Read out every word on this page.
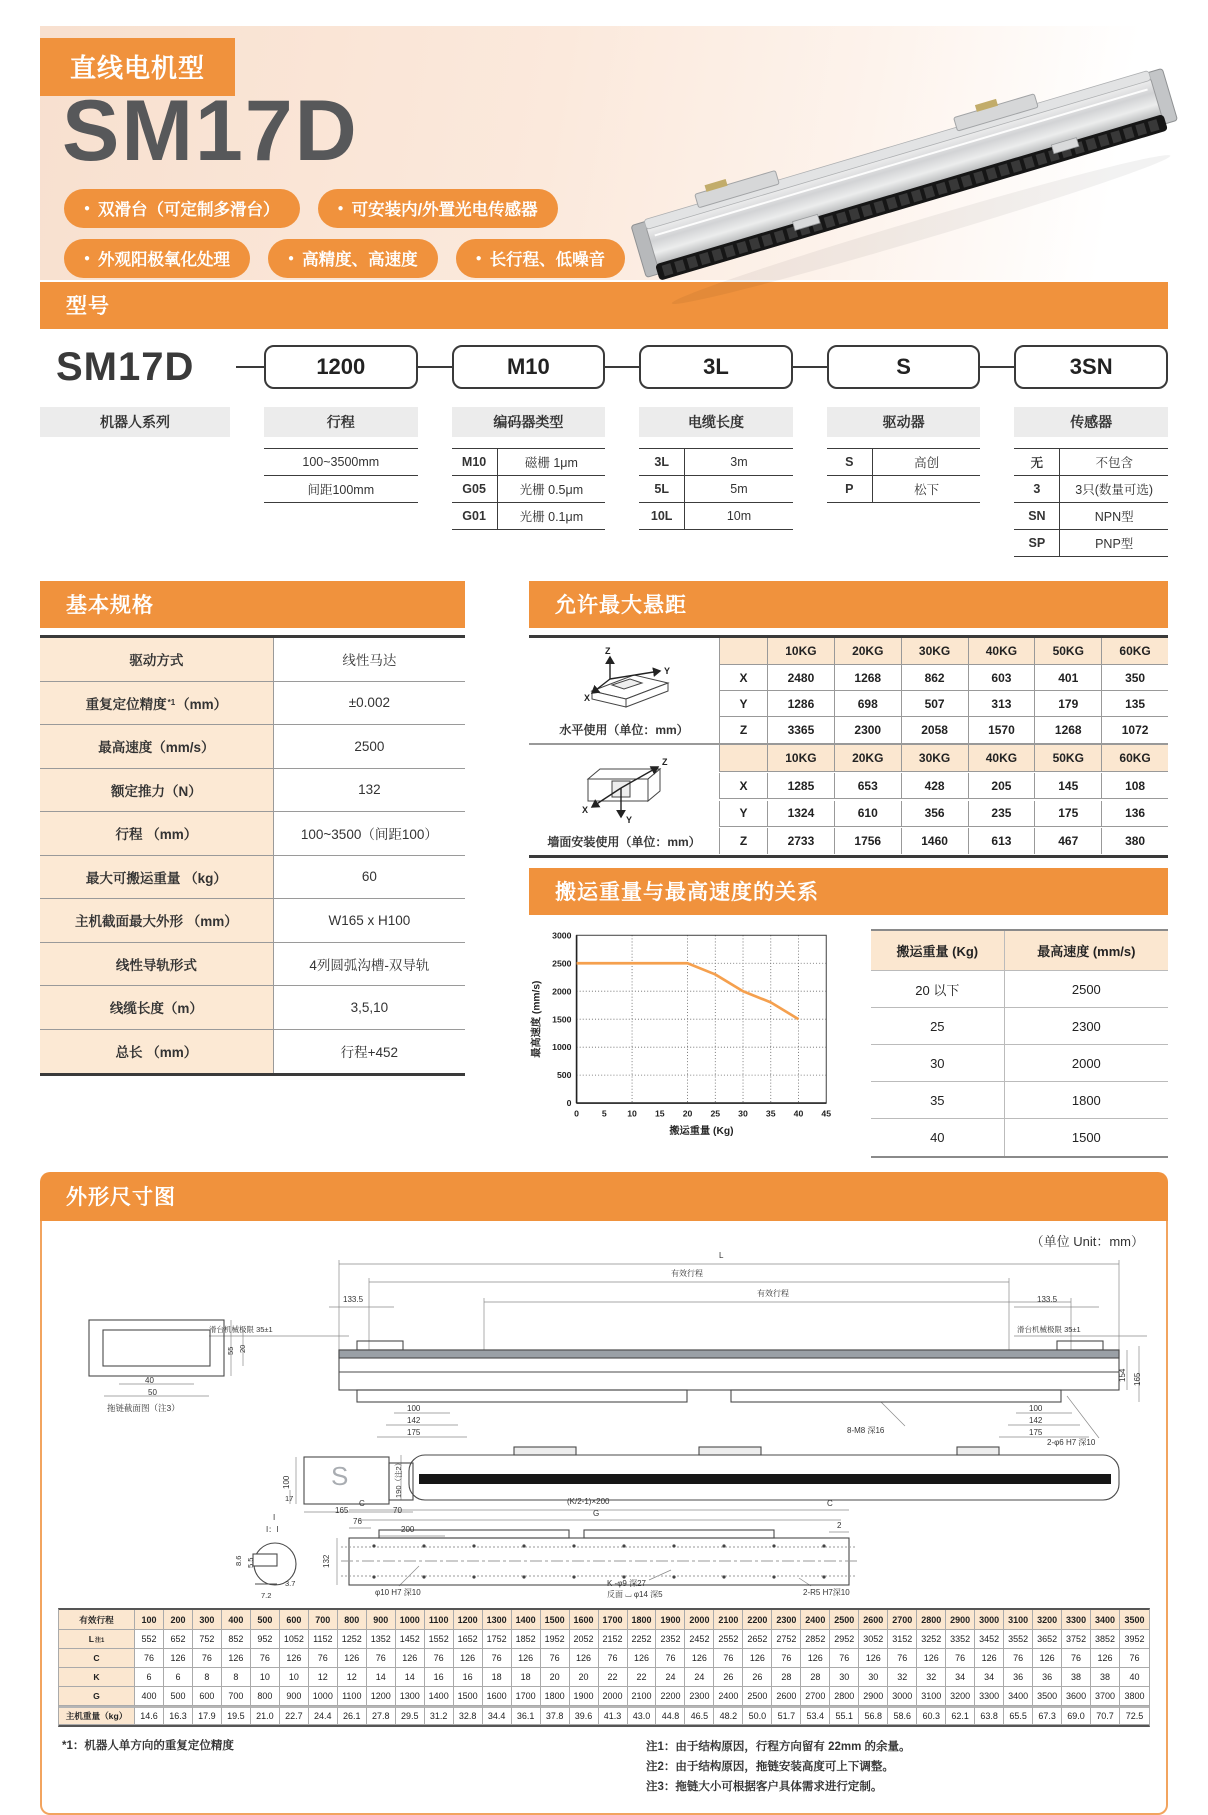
直线电机型
SM17D
● 双滑台（可定制多滑台）	● 可安装内/外置光电传感器
● 外观阳极氧化处理	● 高精度、高速度	● 长行程、低噪音
型号
SM17D	1200	M10	3L	S	3SN
机器人系列	行程
100~3500mm
间距100mm
编码器类型
M10	磁栅 1μm
G05	光栅 0.5μm
G01	光栅 0.1μm
电缆长度
3L	3m
5L	5m
10L	10m
驱动器
S	高创
P	松下
传感器
无	不包含
3	3只(数量可选)
SN	NPN型
SP	PNP型
基本规格
驱动方式	线性马达
重复定位精度 *1 （mm）	±0.002
最高速度（mm/s）	2500
额定推力（N）	132
行程 （mm）	100~3500（间距100）
最大可搬运重量 （kg）	60
主机截面最大外形 （mm）	W165 x H100
线性导轨形式	4列圆弧沟槽-双导轨
线缆长度（m）	3,5,10
总长 （mm）	行程+452
允许最大悬距
Z
Y
X
水平使用（单位：mm）
10KG	20KG	30KG	40KG	50KG	60KG
X	2480	1268	862	603	401	350
Y	1286	698	507	313	179	135
Z	3365	2300	2058	1570	1268	1072
Z
Y
X
墙面安装使用（单位：mm）
10KG	20KG	30KG	40KG	50KG	60KG
X	1285	653	428	205	145	108
Y	1324	610	356	235	175	136
Z	2733	1756	1460	613	467	380
搬运重量与最高速度的关系
0
500
1000
1500
2000
2500
3000
0	5 10 15 20 25 30 35 40 45
搬运重量 (Kg)
最高速度 (mm/s)
搬运重量 (Kg)	最高速度 (mm/s)
20 以下	2500
25	2300
30	2000
35	1800
40	1500
外形尺寸图
（单位 Unit：mm）
L
有效行程
有效行程
133.5	133.5
滑台机械极限 35±1	滑台机械极限 35±1
154 165
100
142
175
100
142
175
8-M8 深16
2-φ6 H7 深10
40
50
55 20
拖链截面图（注3）
S
100
17
165	70
190（注2）
C	(K/2-1)×200	C
G
76
200	2
132
φ10 H7 深10
K -φ9 深27
反面 ⌴ φ14 深5	2-R5 H7深10
I
I：I
8.6 5.5
3.7
7.2
有效行程	100	200	300	400	500	600	700	800	900	1000	1100	1200 1300 1400 1500 1600 1700 1800 1900 2000 2100 2200 2300 2400 2500 2600 2700 2800 2900 3000 3100 3200 3300 3400	3500
L 注1	552	652	752	852	952	1052	1152	1252 1352 1452 1552 1652 1752 1852 1952 2052 2152 2252 2352 2452 2552 2652 2752 2852 2952 3052 3152 3252 3352 3452 3552 3652 3752 3852	3952
C	76	126	76	126	76	126	76	126	76	126	76	126	76	126	76	126	76	126	76	126	76	126	76	126	76	126	76	126	76	126	76	126	76	126	76
K	6	6	8	8	10	10	12	12	14	14	16	16	18	18	20	20	22	22	24	24	26	26	28	28	30	30	32	32	34	34	36	36	38	38	40
G	400	500	600	700	800	900	1000	1100	1200 1300 1400 1500 1600 1700 1800 1900 2000 2100 2200 2300 2400 2500 2600 2700 2800 2900 3000 3100 3200 3300 3400 3500 3600 3700	3800
主机重量（kg）	14.6	16.3	17.9	19.5	21.0	22.7	24.4	26.1	27.8	29.5	31.2	32.8	34.4	36.1	37.8	39.6	41.3	43.0	44.8	46.5	48.2	50.0	51.7	53.4	55.1	56.8	58.6	60.3	62.1	63.8	65.5	67.3	69.0	70.7	72.5
*1：机器人单方向的重复定位精度	注1：由于结构原因，行程方向留有 22mm 的余量。
注2：由于结构原因，拖链安装高度可上下调整。
注3：拖链大小可根据客户具体需求进行定制。
